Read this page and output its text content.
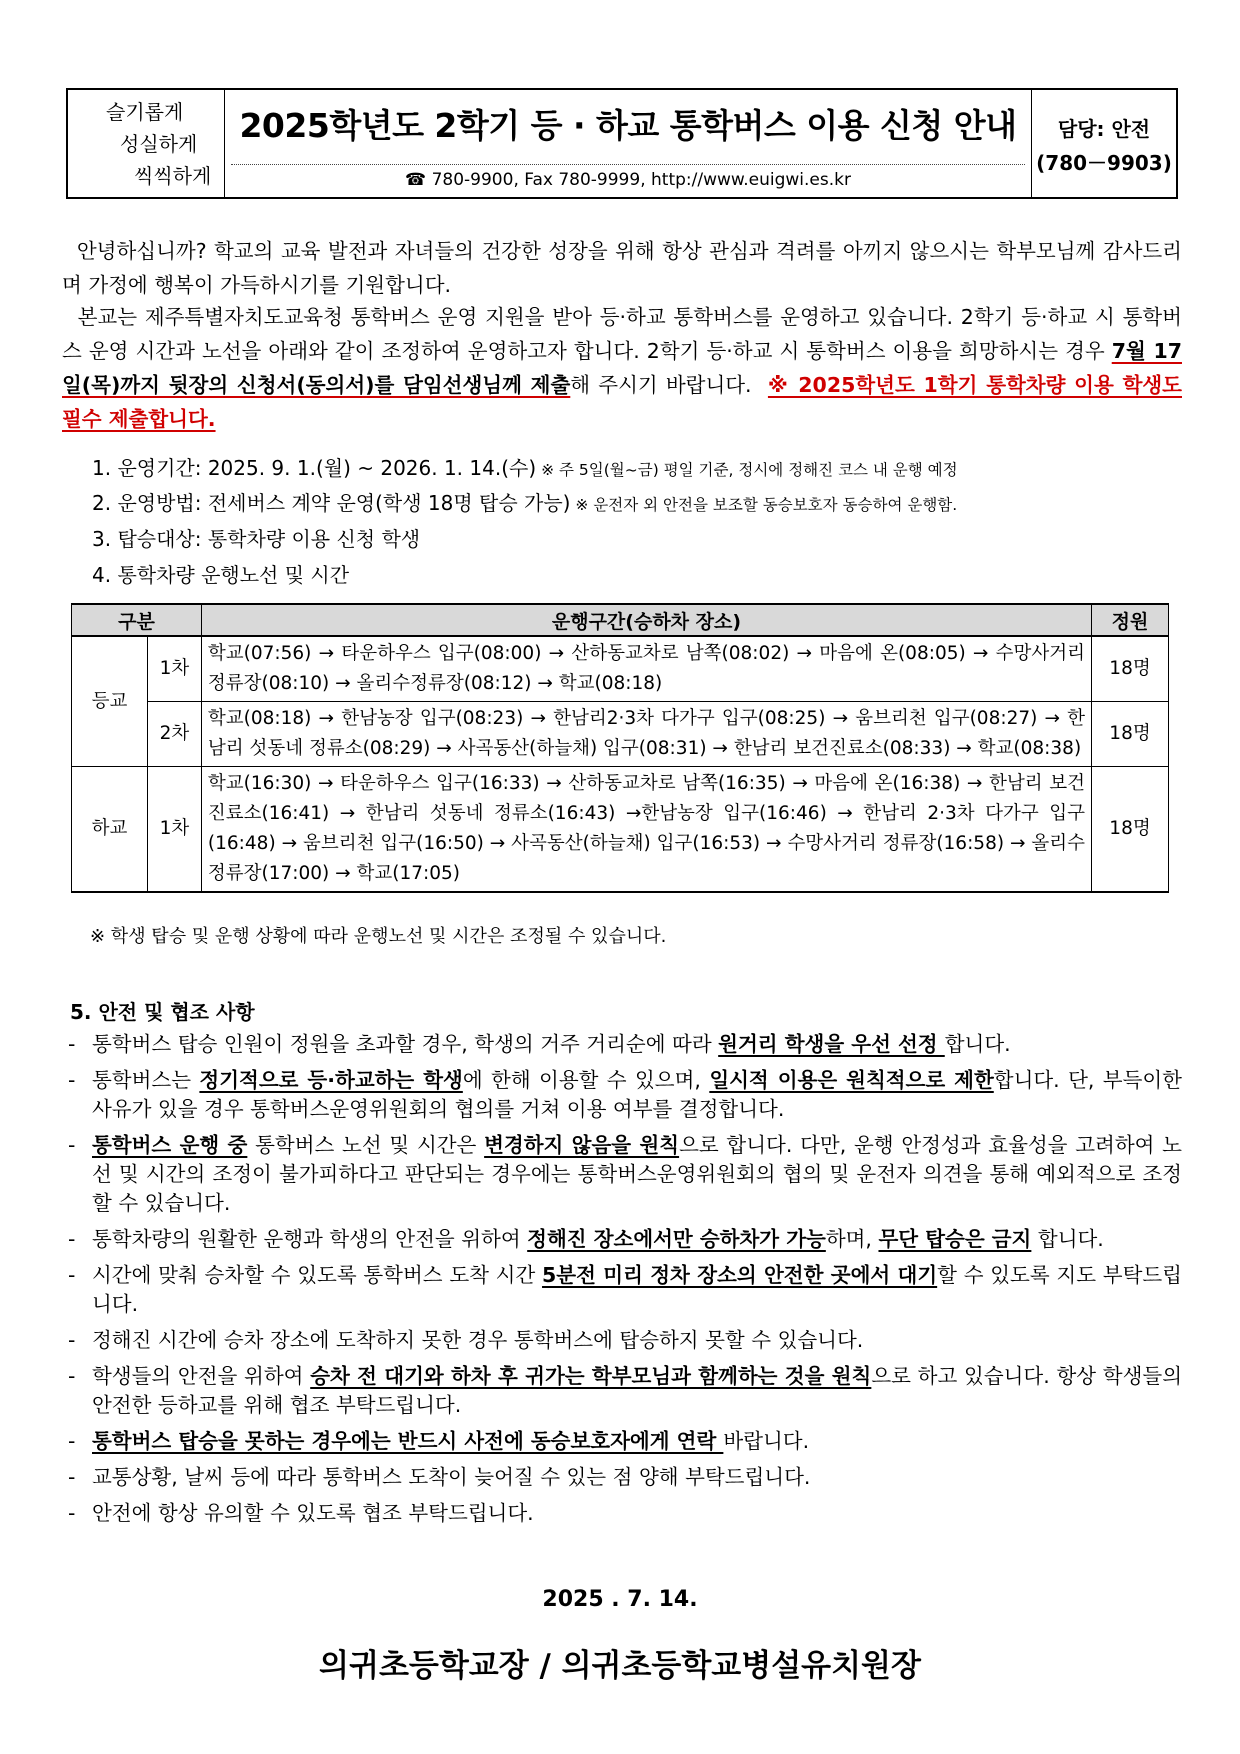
슬기롭게
성실하게
씩씩하게
2025학년도 2학기 등 · 하교 통학버스 이용 신청 안내
☎ 780-9900, Fax 780-9999, http://www.euigwi.es.kr
담당: 안전
(780－9903)

안녕하십니까? 학교의 교육 발전과 자녀들의 건강한 성장을 위해 항상 관심과 격려를 아끼지 않으시는 학부모님께 감사드리며 가정에 행복이 가득하시기를 기원합니다.

본교는 제주특별자치도교육청 통학버스 운영 지원을 받아 등·하교 통학버스를 운영하고 있습니다. 2학기 등·하교 시 통학버스 운영 시간과 노선을 아래와 같이 조정하여 운영하고자 합니다. 2학기 등·하교 시 통학버스 이용을 희망하시는 경우 7월 17일(목)까지 뒷장의 신청서(동의서)를 담임선생님께 제출해 주시기 바랍니다. ※ 2025학년도 1학기 통학차량 이용 학생도 필수 제출합니다.

1. 운영기간: 2025. 9. 1.(월) ~ 2026. 1. 14.(수) ※ 주 5일(월~금) 평일 기준, 정시에 정해진 코스 내 운행 예정
2. 운영방법: 전세버스 계약 운영(학생 18명 탑승 가능) ※ 운전자 외 안전을 보조할 동승보호자 동승하여 운행함.
3. 탑승대상: 통학차량 이용 신청 학생
4. 통학차량 운행노선 및 시간
구분		운행구간(승하차 장소)	정원
등교	1차	학교(07:56) → 타운하우스 입구(08:00) → 산하동교차로 남쪽(08:02) → 마음에 온(08:05) → 수망사거리 정류장(08:10) → 올리수정류장(08:12) → 학교(08:18)	18명
	2차	학교(08:18) → 한남농장 입구(08:23) → 한남리2·3차 다가구 입구(08:25) → 움브리천 입구(08:27) → 한남리 섯동네 정류소(08:29) → 사곡동산(하늘채) 입구(08:31) → 한남리 보건진료소(08:33) → 학교(08:38)	18명
하교	1차	학교(16:30) → 타운하우스 입구(16:33) → 산하동교차로 남쪽(16:35) → 마음에 온(16:38) → 한남리 보건진료소(16:41) → 한남리 섯동네 정류소(16:43) →한남농장 입구(16:46) → 한남리 2·3차 다가구 입구(16:48) → 움브리천 입구(16:50) → 사곡동산(하늘채) 입구(16:53) → 수망사거리 정류장(16:58) → 올리수정류장(17:00) → 학교(17:05)	18명
※ 학생 탑승 및 운행 상황에 따라 운행노선 및 시간은 조정될 수 있습니다.
5. 안전 및 협조 사항
- 통학버스 탑승 인원이 정원을 초과할 경우, 학생의 거주 거리순에 따라 원거리 학생을 우선 선정 합니다.
- 통학버스는 정기적으로 등·하교하는 학생에 한해 이용할 수 있으며, 일시적 이용은 원칙적으로 제한합니다. 단, 부득이한 사유가 있을 경우 통학버스운영위원회의 협의를 거쳐 이용 여부를 결정합니다.
- 통학버스 운행 중 통학버스 노선 및 시간은 변경하지 않음을 원칙으로 합니다. 다만, 운행 안정성과 효율성을 고려하여 노선 및 시간의 조정이 불가피하다고 판단되는 경우에는 통학버스운영위원회의 협의 및 운전자 의견을 통해 예외적으로 조정할 수 있습니다.
- 통학차량의 원활한 운행과 학생의 안전을 위하여 정해진 장소에서만 승하차가 가능하며, 무단 탑승은 금지 합니다.
- 시간에 맞춰 승차할 수 있도록 통학버스 도착 시간 5분전 미리 정차 장소의 안전한 곳에서 대기할 수 있도록 지도 부탁드립니다.
- 정해진 시간에 승차 장소에 도착하지 못한 경우 통학버스에 탑승하지 못할 수 있습니다.
- 학생들의 안전을 위하여 승차 전 대기와 하차 후 귀가는 학부모님과 함께하는 것을 원칙으로 하고 있습니다. 항상 학생들의 안전한 등하교를 위해 협조 부탁드립니다.
- 통학버스 탑승을 못하는 경우에는 반드시 사전에 동승보호자에게 연락 바랍니다.
- 교통상황, 날씨 등에 따라 통학버스 도착이 늦어질 수 있는 점 양해 부탁드립니다.
- 안전에 항상 유의할 수 있도록 협조 부탁드립니다.
2025 . 7. 14.
의귀초등학교장 / 의귀초등학교병설유치원장
